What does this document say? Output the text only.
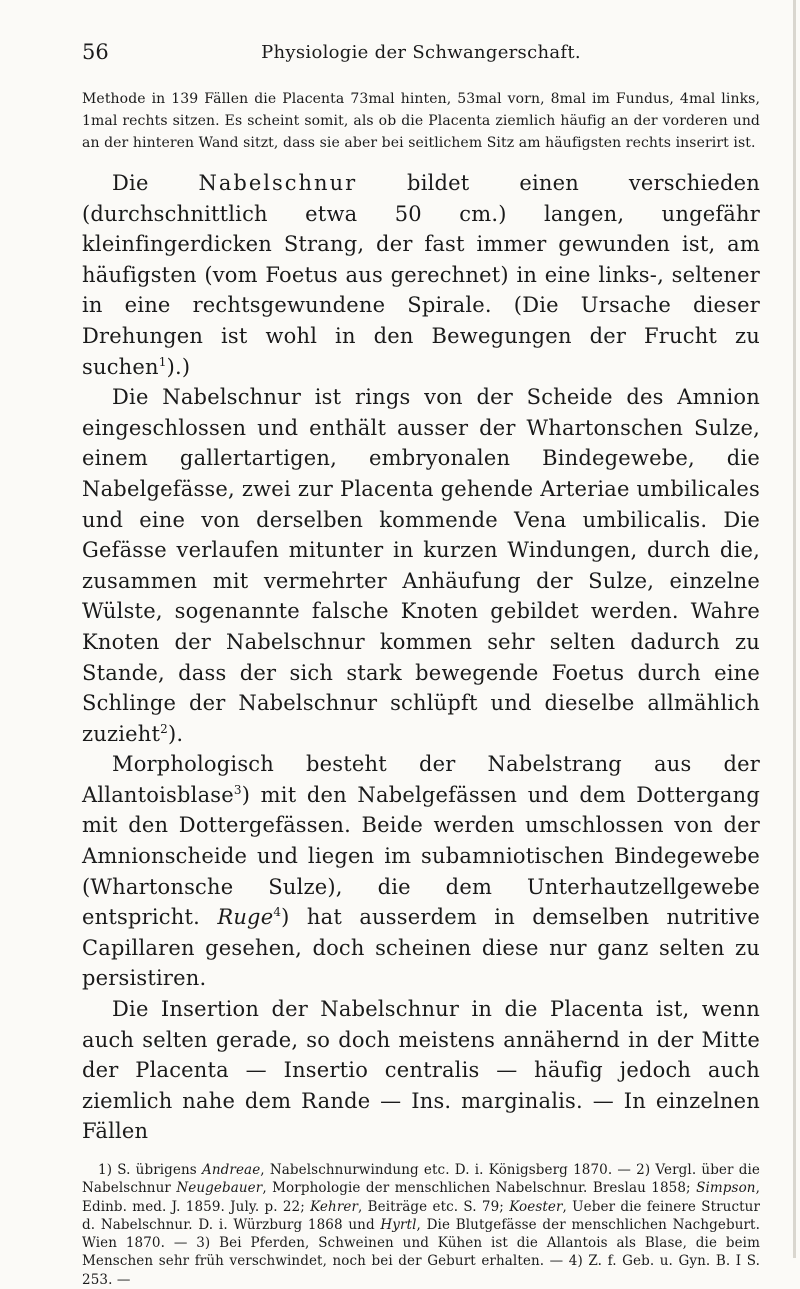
56	Physiologie der Schwangerschaft.

Methode in 139 Fällen die Placenta 73mal hinten, 53mal vorn, 8mal im Fundus, 4mal links, 1mal rechts sitzen. Es scheint somit, als ob die Placenta ziemlich häufig an der vorderen und an der hinteren Wand sitzt, dass sie aber bei seitlichem Sitz am häufigsten rechts inserirt ist.

Die Nabelschnur bildet einen verschieden (durchschnittlich etwa 50 cm.) langen, ungefähr kleinfingerdicken Strang, der fast immer gewunden ist, am häufigsten (vom Foetus aus gerechnet) in eine links-, seltener in eine rechtsgewundene Spirale. (Die Ursache dieser Drehungen ist wohl in den Bewegungen der Frucht zu suchen$^1$).)

Die Nabelschnur ist rings von der Scheide des Amnion eingeschlossen und enthält ausser der Whartonschen Sulze, einem gallertartigen, embryonalen Bindegewebe, die Nabelgefässe, zwei zur Placenta gehende Arteriae umbilicales und eine von derselben kommende Vena umbilicalis. Die Gefässe verlaufen mitunter in kurzen Windungen, durch die, zusammen mit vermehrter Anhäufung der Sulze, einzelne Wülste, sogenannte falsche Knoten gebildet werden. Wahre Knoten der Nabelschnur kommen sehr selten dadurch zu Stande, dass der sich stark bewegende Foetus durch eine Schlinge der Nabelschnur schlüpft und dieselbe allmählich zuzieht$^2$).

Morphologisch besteht der Nabelstrang aus der Allantoisblase$^3$) mit den Nabelgefässen und dem Dottergang mit den Dottergefässen. Beide werden umschlossen von der Amnionscheide und liegen im subamniotischen Bindegewebe (Whartonsche Sulze), die dem Unterhautzellgewebe entspricht. Ruge$^4$) hat ausserdem in demselben nutritive Capillaren gesehen, doch scheinen diese nur ganz selten zu persistiren.

Die Insertion der Nabelschnur in die Placenta ist, wenn auch selten gerade, so doch meistens annähernd in der Mitte der Placenta — Insertio centralis — häufig jedoch auch ziemlich nahe dem Rande — Ins. marginalis. — In einzelnen Fällen

1) S. übrigens Andreae, Nabelschnurwindung etc. D. i. Königsberg 1870. — 2) Vergl. über die Nabelschnur Neugebauer, Morphologie der menschlichen Nabelschnur. Breslau 1858; Simpson, Edinb. med. J. 1859. July. p. 22; Kehrer, Beiträge etc. S. 79; Koester, Ueber die feinere Structur d. Nabelschnur. D. i. Würzburg 1868 und Hyrtl, Die Blutgefässe der menschlichen Nachgeburt. Wien 1870. — 3) Bei Pferden, Schweinen und Kühen ist die Allantois als Blase, die beim Menschen sehr früh verschwindet, noch bei der Geburt erhalten. — 4) Z. f. Geb. u. Gyn. B. I S. 253. —
